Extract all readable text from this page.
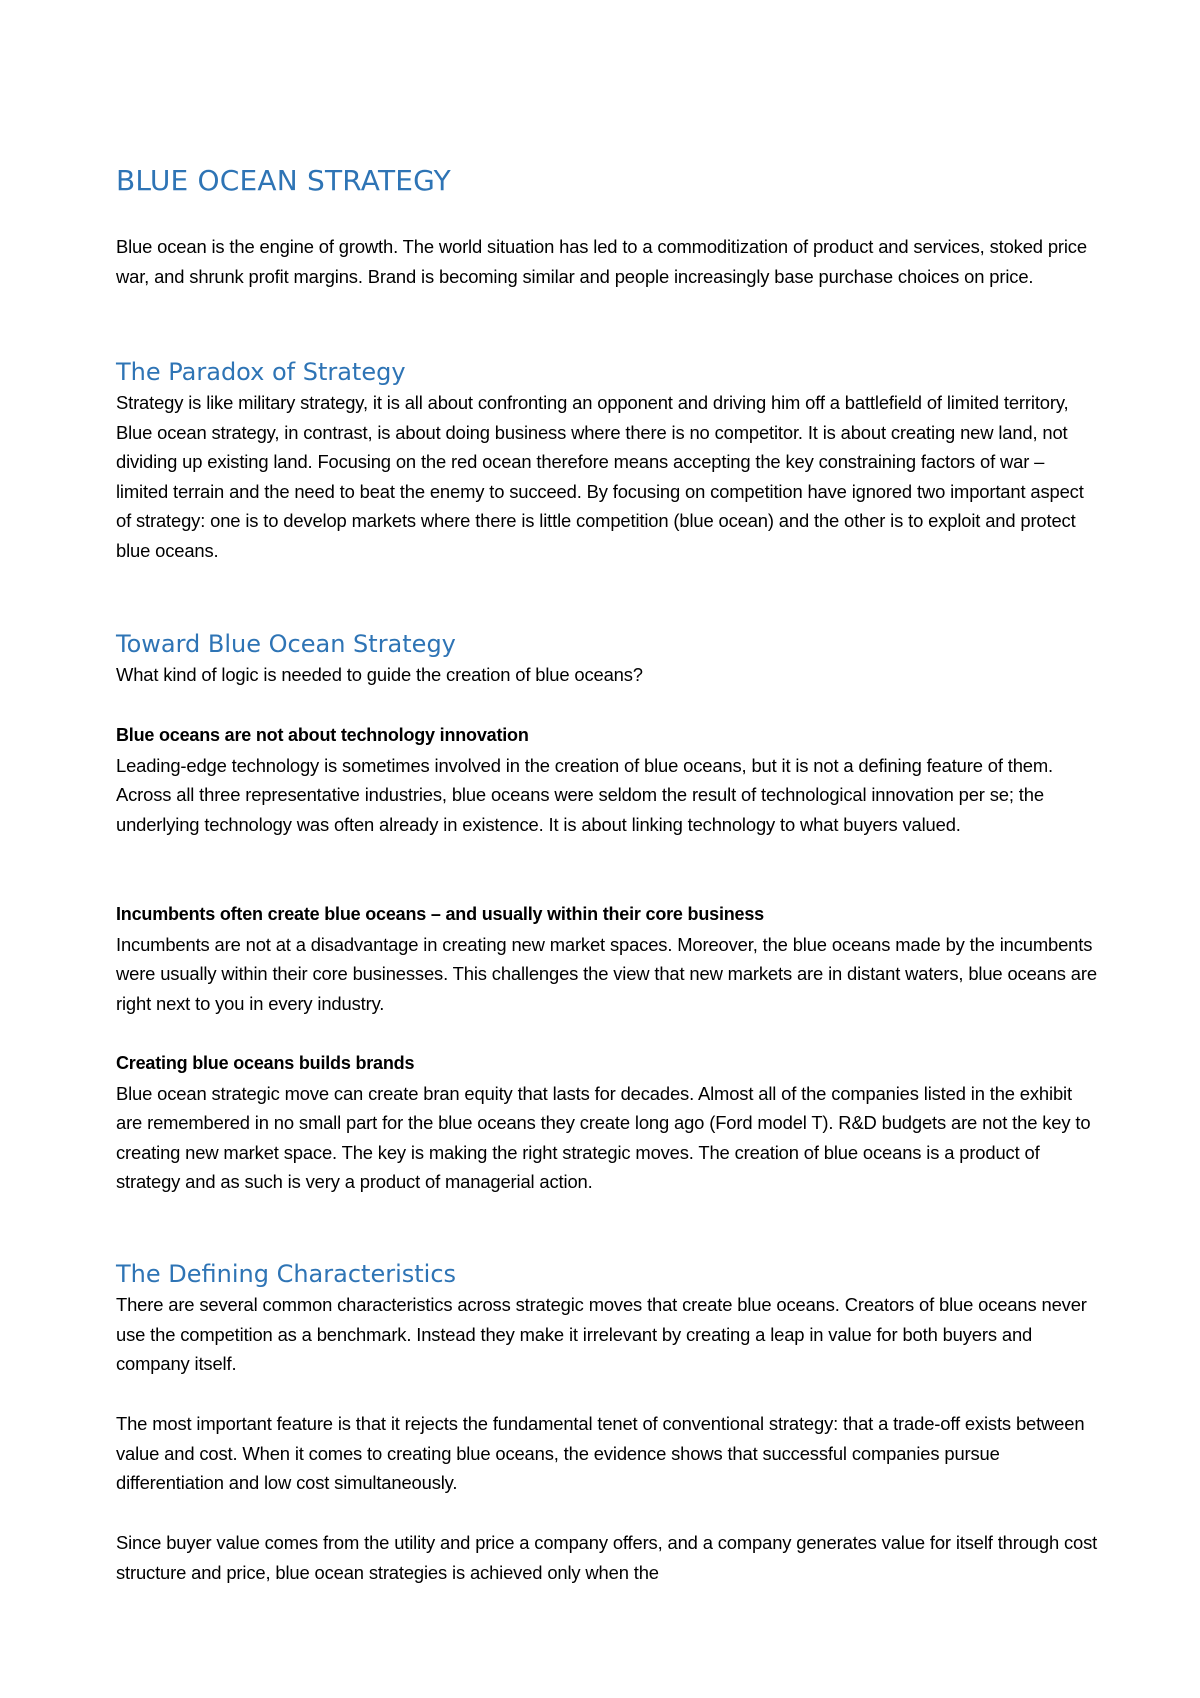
BLUE OCEAN STRATEGY

Blue ocean is the engine of growth. The world situation has led to a commoditization of product and services, stoked price war, and shrunk profit margins. Brand is becoming similar and people increasingly base purchase choices on price.

The Paradox of Strategy

Strategy is like military strategy, it is all about confronting an opponent and driving him off a battlefield of limited territory, Blue ocean strategy, in contrast, is about doing business where there is no competitor. It is about creating new land, not dividing up existing land. Focusing on the red ocean therefore means accepting the key constraining factors of war – limited terrain and the need to beat the enemy to succeed. By focusing on competition have ignored two important aspect of strategy: one is to develop markets where there is little competition (blue ocean) and the other is to exploit and protect blue oceans.

Toward Blue Ocean Strategy

What kind of logic is needed to guide the creation of blue oceans?

Blue oceans are not about technology innovation

Leading-edge technology is sometimes involved in the creation of blue oceans, but it is not a defining feature of them. Across all three representative industries, blue oceans were seldom the result of technological innovation per se; the underlying technology was often already in existence. It is about linking technology to what buyers valued.

Incumbents often create blue oceans – and usually within their core business

Incumbents are not at a disadvantage in creating new market spaces. Moreover, the blue oceans made by the incumbents were usually within their core businesses. This challenges the view that new markets are in distant waters, blue oceans are right next to you in every industry.

Creating blue oceans builds brands

Blue ocean strategic move can create bran equity that lasts for decades. Almost all of the companies listed in the exhibit are remembered in no small part for the blue oceans they create long ago (Ford model T). R&D budgets are not the key to creating new market space. The key is making the right strategic moves. The creation of blue oceans is a product of strategy and as such is very a product of managerial action.

The Defining Characteristics

There are several common characteristics across strategic moves that create blue oceans. Creators of blue oceans never use the competition as a benchmark. Instead they make it irrelevant by creating a leap in value for both buyers and company itself.

The most important feature is that it rejects the fundamental tenet of conventional strategy: that a trade-off exists between value and cost. When it comes to creating blue oceans, the evidence shows that successful companies pursue differentiation and low cost simultaneously.

Since buyer value comes from the utility and price a company offers, and a company generates value for itself through cost structure and price, blue ocean strategies is achieved only when the
